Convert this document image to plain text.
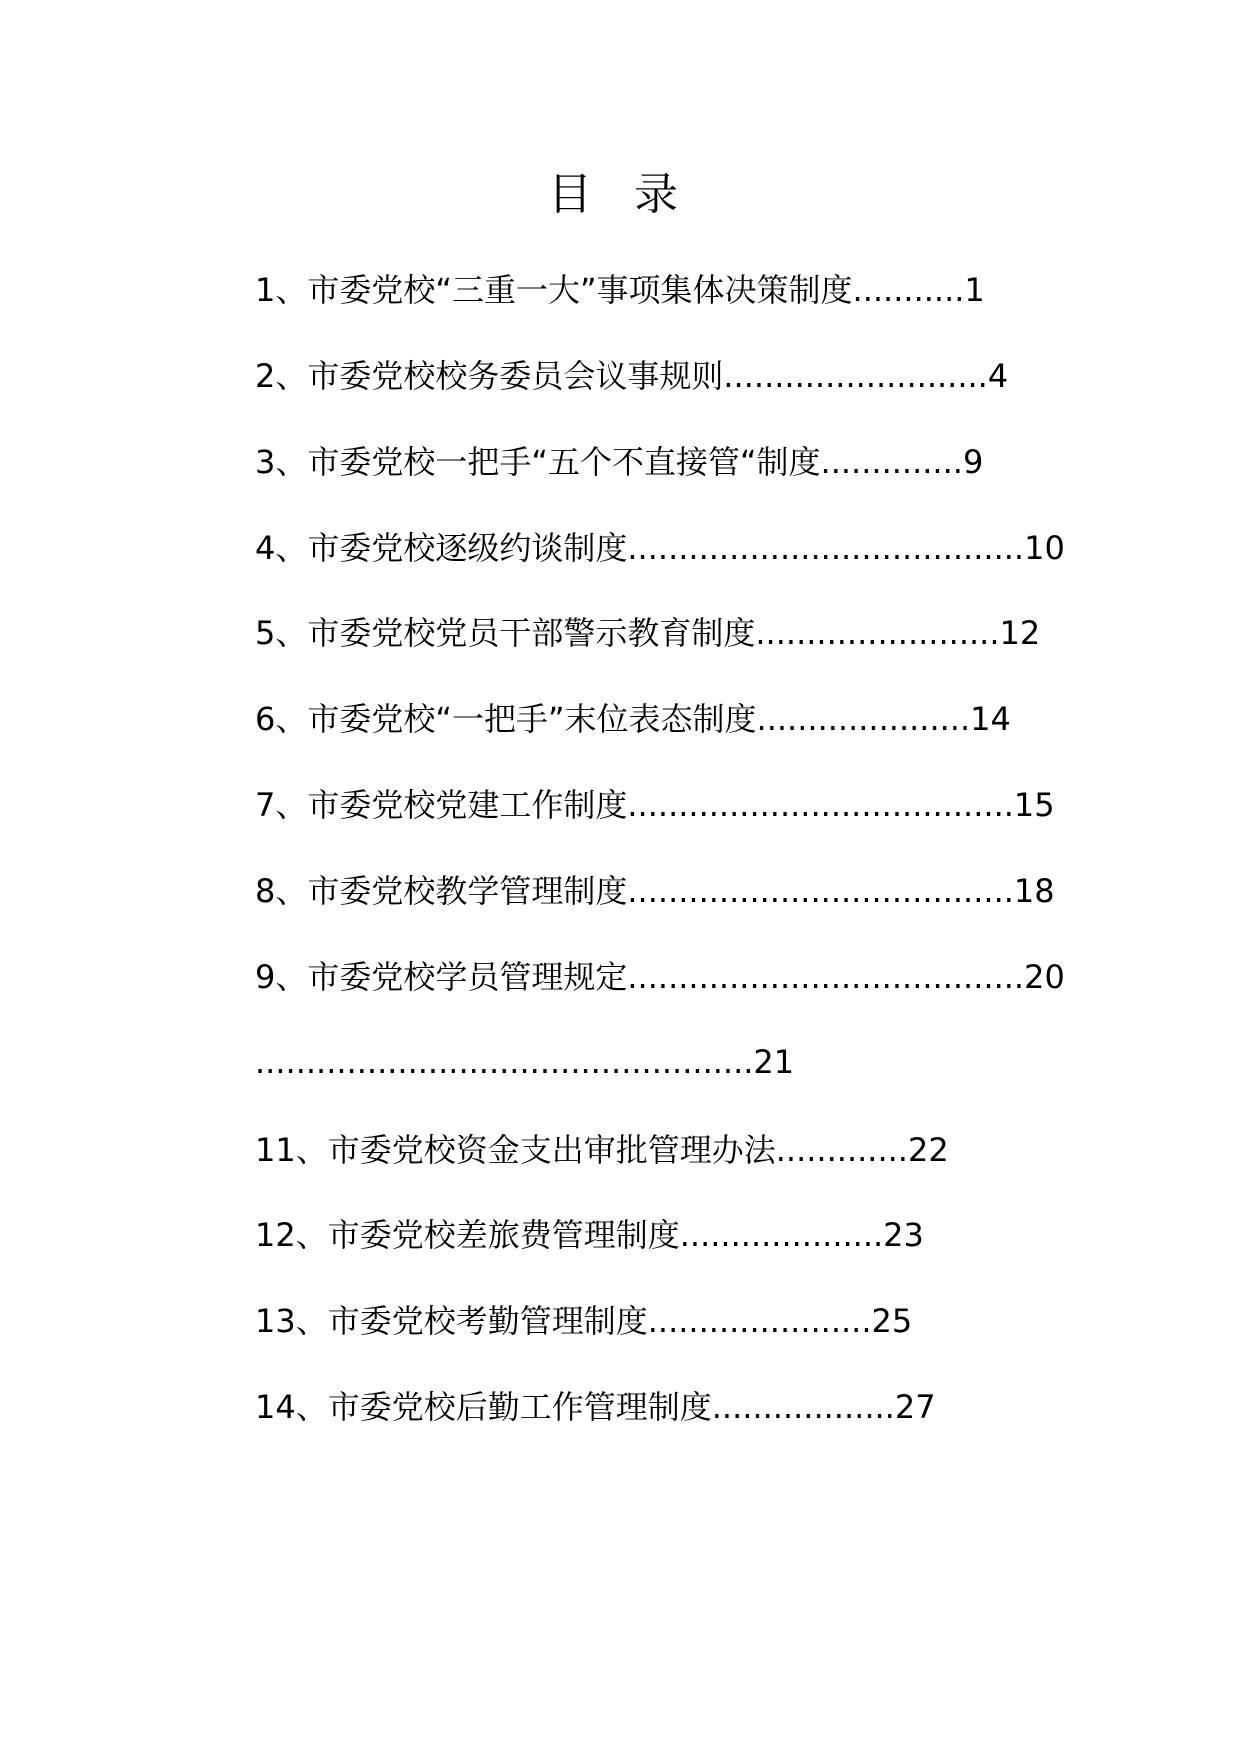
目 录
1、市委党校“三重一大”事项集体决策制度...........1
2、市委党校校务委员会议事规则..........................4
3、市委党校一把手“五个不直接管“制度..............9
4、市委党校逐级约谈制度.......................................10
5、市委党校党员干部警示教育制度........................12
6、市委党校“一把手”末位表态制度.....................14
7、市委党校党建工作制度......................................15
8、市委党校教学管理制度......................................18
9、市委党校学员管理规定.......................................20
.................................................21
11、市委党校资金支出审批管理办法.............22
12、市委党校差旅费管理制度....................23
13、市委党校考勤管理制度......................25
14、市委党校后勤工作管理制度..................27
